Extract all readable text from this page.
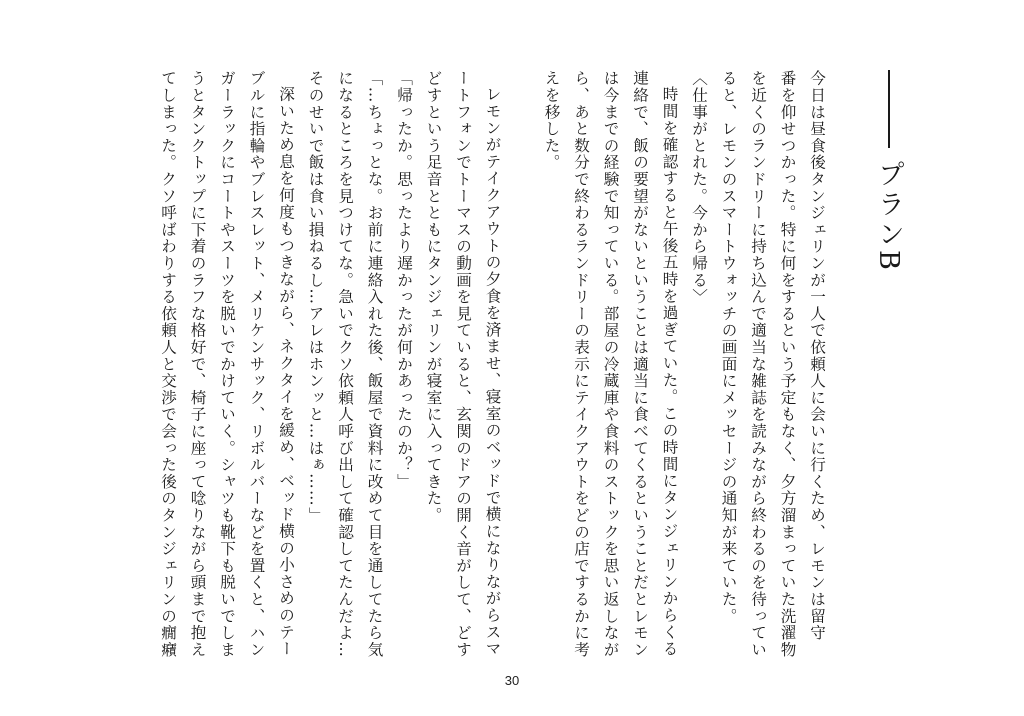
プランB

今日は昼食後タンジェリンが一人で依頼人に会いに行くため、レモンは留守

番を仰せつかった。特に何をするという予定もなく、夕方溜まっていた洗濯物

を近くのランドリーに持ち込んで適当な雑誌を読みながら終わるのを待ってい

ると、レモンのスマートウォッチの画面にメッセージの通知が来ていた。

〈仕事がとれた。今から帰る〉

時間を確認すると午後五時を過ぎていた。この時間にタンジェリンからくる

連絡で、飯の要望がないということは適当に食べてくるということだとレモン

は今までの経験で知っている。部屋の冷蔵庫や食料のストックを思い返しなが

ら、あと数分で終わるランドリーの表示にテイクアウトをどの店でするかに考

えを移した。

レモンがテイクアウトの夕食を済ませ、寝室のベッドで横になりながらスマ

ートフォンでトーマスの動画を見ていると、玄関のドアの開く音がして、どす

どすという足音とともにタンジェリンが寝室に入ってきた。

「帰ったか。思ったより遅かったが何かあったのか？」

「…ちょっとな。お前に連絡入れた後、飯屋で資料に改めて目を通してたら気

になるところを見つけてな。急いでクソ依頼人呼び出して確認してたんだよ…

そのせいで飯は食い損ねるし…アレはホンッと…はぁ……」

深いため息を何度もつきながら、ネクタイを緩め、ベッド横の小さめのテー

ブルに指輪やブレスレット、メリケンサック、リボルバーなどを置くと、ハン

ガーラックにコートやスーツを脱いでかけていく。シャツも靴下も脱いでしま

うとタンクトップに下着のラフな格好で、椅子に座って唸りながら頭まで抱え

てしまった。クソ呼ばわりする依頼人と交渉で会った後のタンジェリンの癇癪

30
